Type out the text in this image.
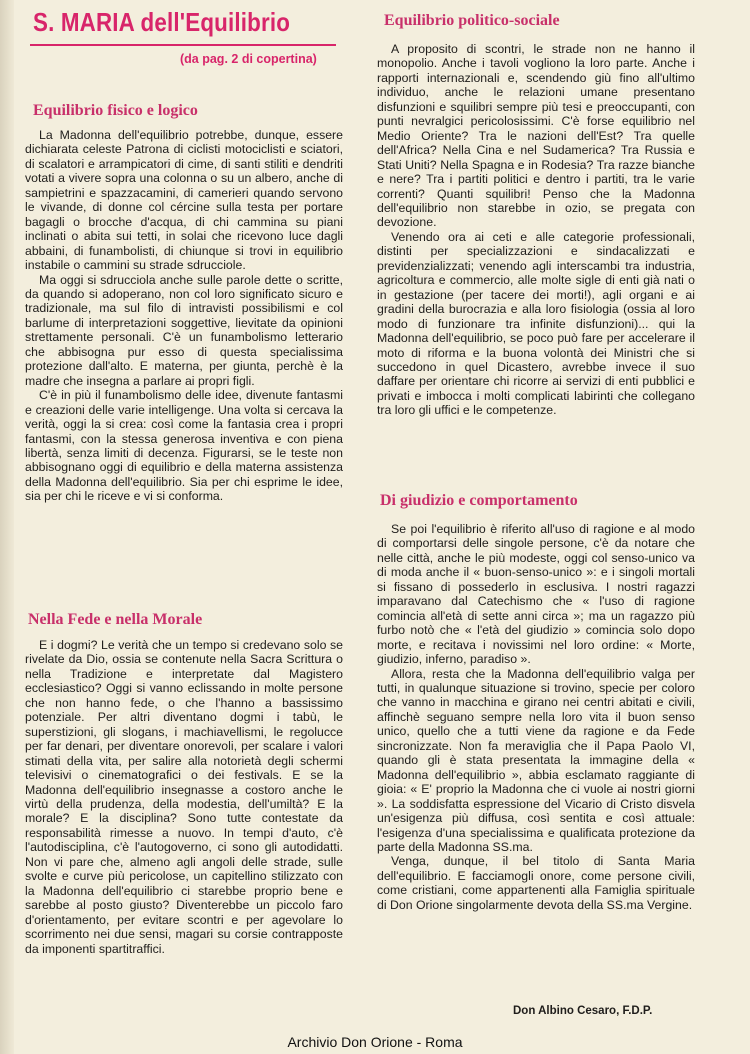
S. MARIA dell'Equilibrio

(da pag. 2 di copertina)

Equilibrio fisico e logico

La Madonna dell'equilibrio potrebbe, dunque, essere dichiarata celeste Patrona di ciclisti motociclisti e sciatori, di scalatori e arrampicatori di cime, di santi stiliti e dendriti votati a vivere sopra una colonna o su un albero, anche di sampietrini e spazzacamini, di camerieri quando servono le vivande, di donne col cércine sulla testa per portare bagagli o brocche d'acqua, di chi cammina su piani inclinati o abita sui tetti, in solai che ricevono luce dagli abbaini, di funambolisti, di chiunque si trovi in equilibrio instabile o cammini su strade sdrucciole.

Ma oggi si sdrucciola anche sulle parole dette o scritte, da quando si adoperano, non col loro significato sicuro e tradizionale, ma sul filo di intravisti possibilismi e col barlume di interpretazioni soggettive, lievitate da opinioni strettamente personali. C'è un funambolismo letterario che abbisogna pur esso di questa specialissima protezione dall'alto. E materna, per giunta, perchè è la madre che insegna a parlare ai propri figli.

C'è in più il funambolismo delle idee, divenute fantasmi e creazioni delle varie intelligenge. Una volta si cercava la verità, oggi la si crea: così come la fantasia crea i propri fantasmi, con la stessa generosa inventiva e con piena libertà, senza limiti di decenza. Figurarsi, se le teste non abbisognano oggi di equilibrio e della materna assistenza della Madonna dell'equilibrio. Sia per chi esprime le idee, sia per chi le riceve e vi si conforma.

Nella Fede e nella Morale

E i dogmi? Le verità che un tempo si credevano solo se rivelate da Dio, ossia se contenute nella Sacra Scrittura o nella Tradizione e interpretate dal Magistero ecclesiastico? Oggi si vanno eclissando in molte persone che non hanno fede, o che l'hanno a bassissimo potenziale. Per altri diventano dogmi i tabù, le superstizioni, gli slogans, i machiavellismi, le regolucce per far denari, per diventare onorevoli, per scalare i valori stimati della vita, per salire alla notorietà degli schermi televisivi o cinematografici o dei festivals. E se la Madonna dell'equilibrio insegnasse a costoro anche le virtù della prudenza, della modestia, dell'umiltà? E la morale? E la disciplina? Sono tutte contestate da responsabilità rimesse a nuovo. In tempi d'auto, c'è l'autodisciplina, c'è l'autogoverno, ci sono gli autodidatti. Non vi pare che, almeno agli angoli delle strade, sulle svolte e curve più pericolose, un capitellino stilizzato con la Madonna dell'equilibrio ci starebbe proprio bene e sarebbe al posto giusto? Diventerebbe un piccolo faro d'orientamento, per evitare scontri e per agevolare lo scorrimento nei due sensi, magari su corsie contrapposte da imponenti spartitraffici.

Equilibrio politico-sociale

A proposito di scontri, le strade non ne hanno il monopolio. Anche i tavoli vogliono la loro parte. Anche i rapporti internazionali e, scendendo giù fino all'ultimo individuo, anche le relazioni umane presentano disfunzioni e squilibri sempre più tesi e preoccupanti, con punti nevralgici pericolosissimi. C'è forse equilibrio nel Medio Oriente? Tra le nazioni dell'Est? Tra quelle dell'Africa? Nella Cina e nel Sudamerica? Tra Russia e Stati Uniti? Nella Spagna e in Rodesia? Tra razze bianche e nere? Tra i partiti politici e dentro i partiti, tra le varie correnti? Quanti squilibri! Penso che la Madonna dell'equilibrio non starebbe in ozio, se pregata con devozione.

Venendo ora ai ceti e alle categorie professionali, distinti per specializzazioni e sindacalizzati e previdenzializzati; venendo agli interscambi tra industria, agricoltura e commercio, alle molte sigle di enti già nati o in gestazione (per tacere dei morti!), agli organi e ai gradini della burocrazia e alla loro fisiologia (ossia al loro modo di funzionare tra infinite disfunzioni)... qui la Madonna dell'equilibrio, se poco può fare per accelerare il moto di riforma e la buona volontà dei Ministri che si succedono in quel Dicastero, avrebbe invece il suo daffare per orientare chi ricorre ai servizi di enti pubblici e privati e imbocca i molti complicati labirinti che collegano tra loro gli uffici e le competenze.

Di giudizio e comportamento

Se poi l'equilibrio è riferito all'uso di ragione e al modo di comportarsi delle singole persone, c'è da notare che nelle città, anche le più modeste, oggi col senso-unico va di moda anche il « buon-senso-unico »: e i singoli mortali si fissano di possederlo in esclusiva. I nostri ragazzi imparavano dal Catechismo che « l'uso di ragione comincia all'età di sette anni circa »; ma un ragazzo più furbo notò che « l'età del giudizio » comincia solo dopo morte, e recitava i novissimi nel loro ordine: « Morte, giudizio, inferno, paradiso ».

Allora, resta che la Madonna dell'equilibrio valga per tutti, in qualunque situazione si trovino, specie per coloro che vanno in macchina e girano nei centri abitati e civili, affinchè seguano sempre nella loro vita il buon senso unico, quello che a tutti viene da ragione e da Fede sincronizzate. Non fa meraviglia che il Papa Paolo VI, quando gli è stata presentata la immagine della « Madonna dell'equilibrio », abbia esclamato raggiante di gioia: « E' proprio la Madonna che ci vuole ai nostri giorni ». La soddisfatta espressione del Vicario di Cristo disvela un'esigenza più diffusa, così sentita e così attuale: l'esigenza d'una specialissima e qualificata protezione da parte della Madonna SS.ma.

Venga, dunque, il bel titolo di Santa Maria dell'equilibrio. E facciamogli onore, come persone civili, come cristiani, come appartenenti alla Famiglia spirituale di Don Orione singolarmente devota della SS.ma Vergine.

Don Albino Cesaro, F.D.P.

Archivio Don Orione - Roma
